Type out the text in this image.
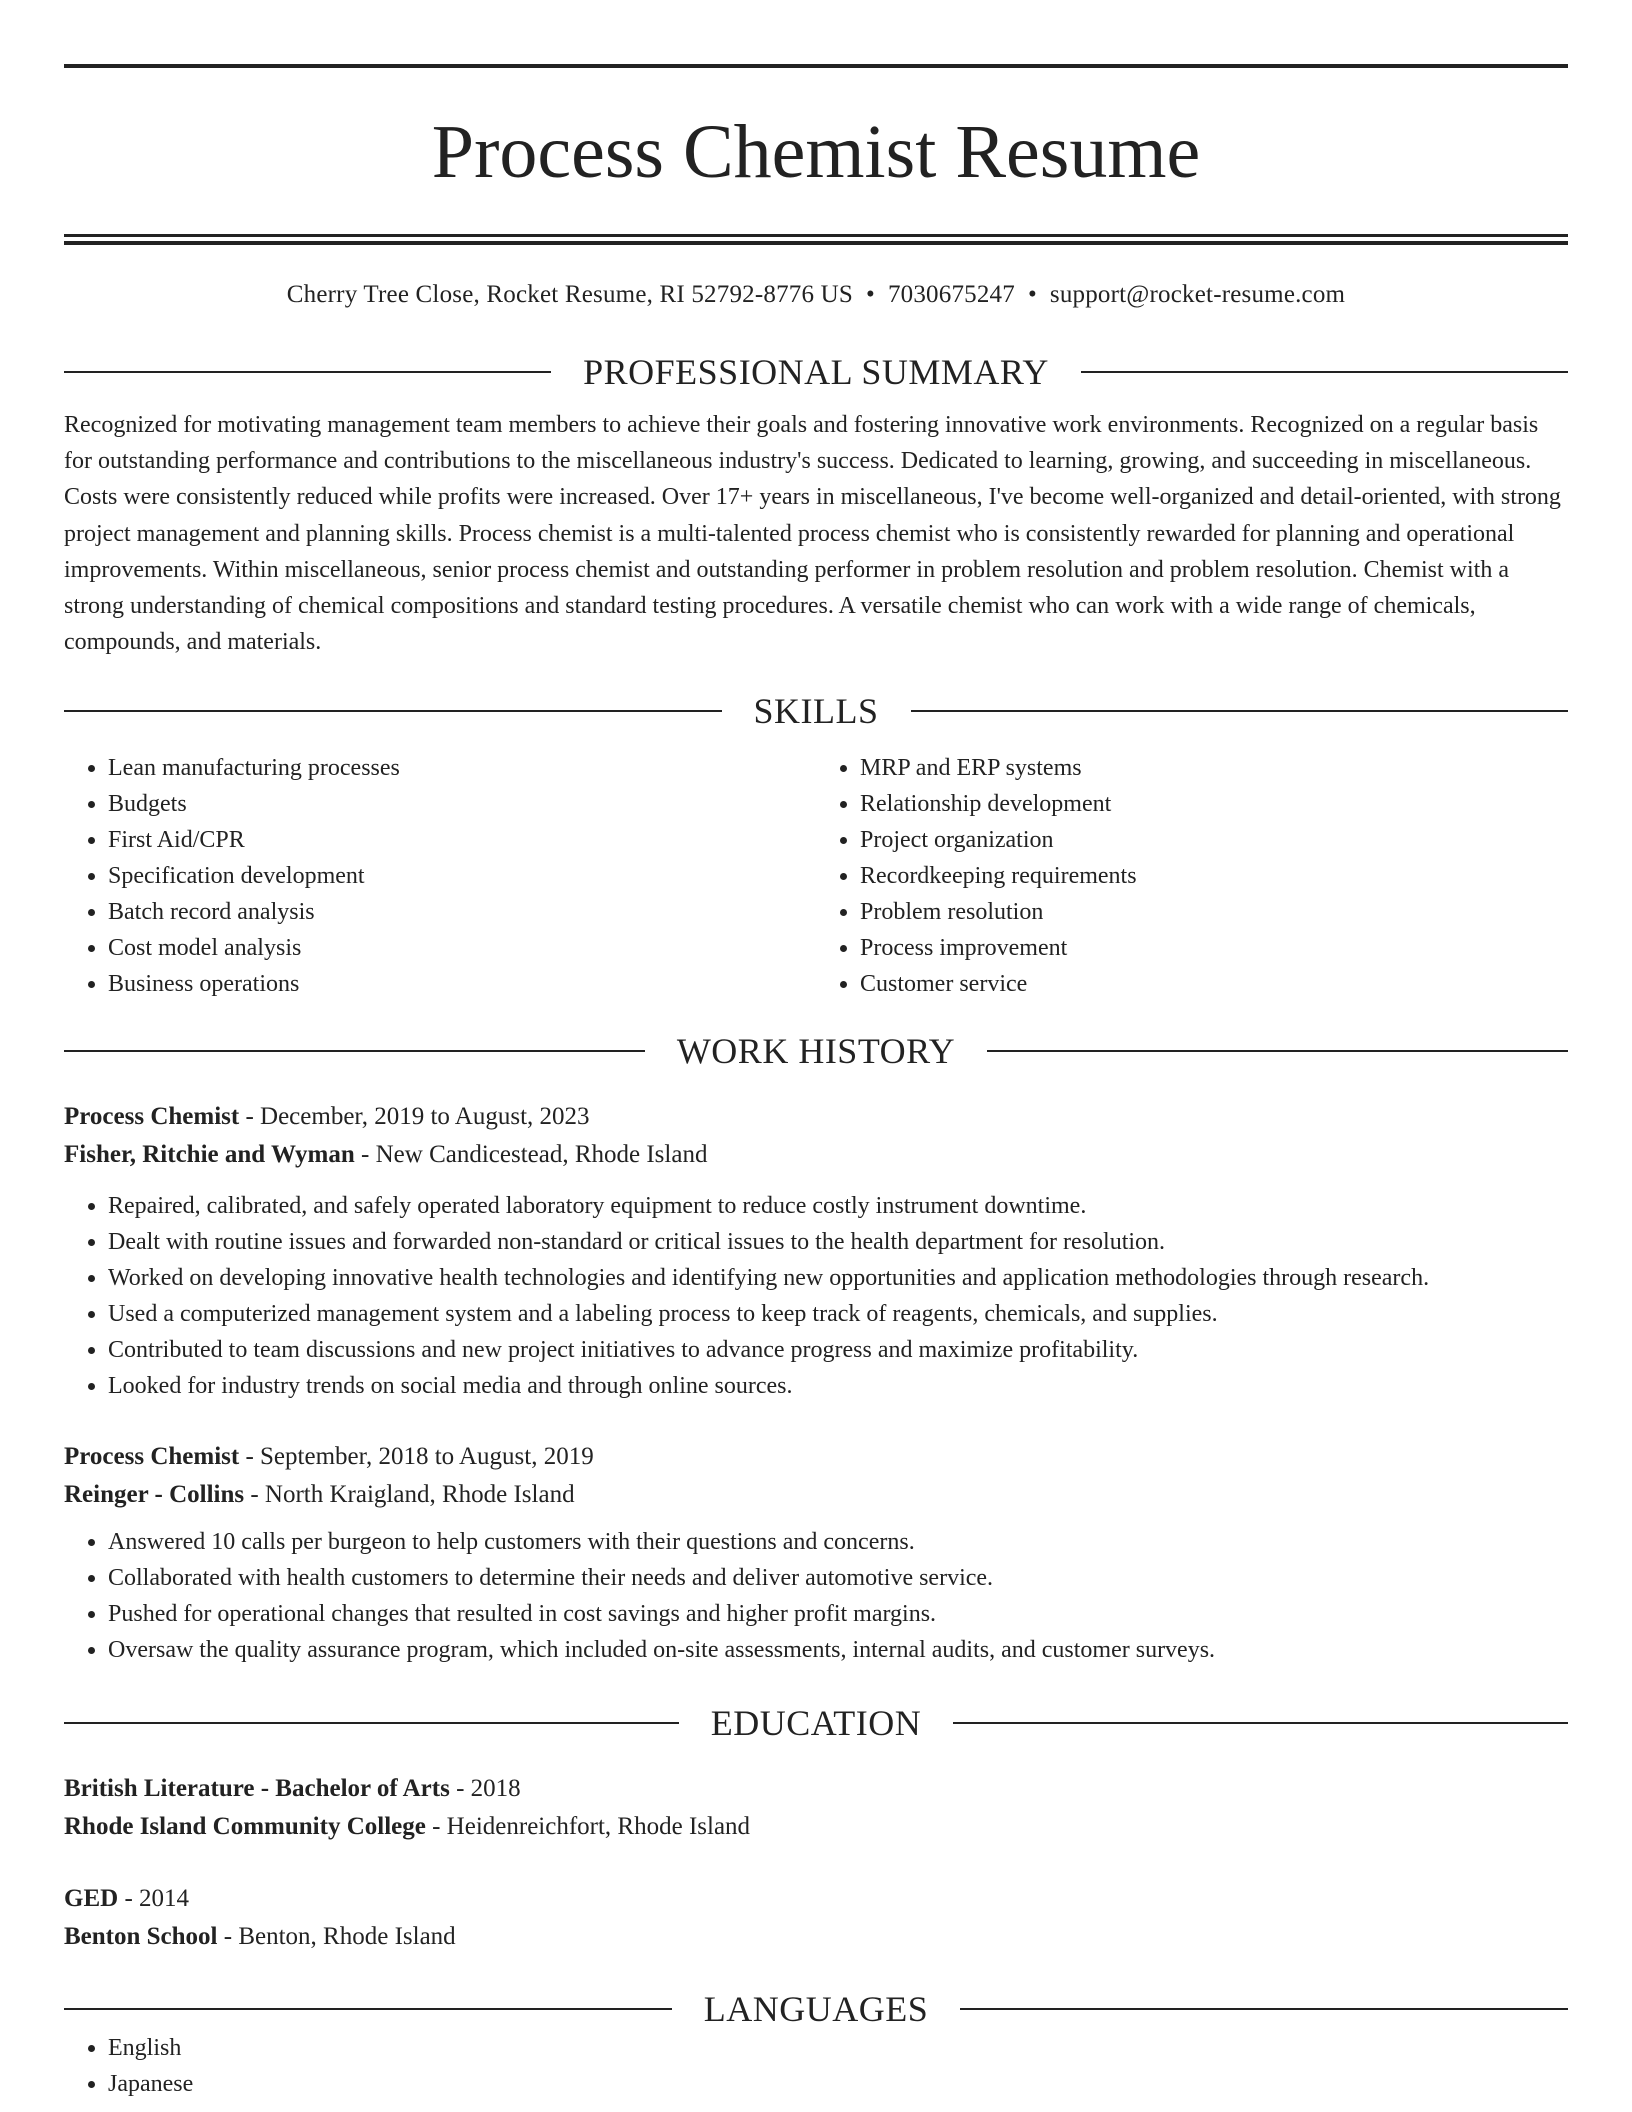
Process Chemist Resume
Cherry Tree Close, Rocket Resume, RI 52792-8776 US • 7030675247 • support@rocket-resume.com
PROFESSIONAL SUMMARY

Recognized for motivating management team members to achieve their goals and fostering innovative work environments. Recognized on a regular basis for outstanding performance and contributions to the miscellaneous industry's success. Dedicated to learning, growing, and succeeding in miscellaneous. Costs were consistently reduced while profits were increased. Over 17+ years in miscellaneous, I've become well-organized and detail-oriented, with strong project management and planning skills. Process chemist is a multi-talented process chemist who is consistently rewarded for planning and operational improvements. Within miscellaneous, senior process chemist and outstanding performer in problem resolution and problem resolution. Chemist with a strong understanding of chemical compositions and standard testing procedures. A versatile chemist who can work with a wide range of chemicals, compounds, and materials.

SKILLS
• Lean manufacturing processes
• Budgets
• First Aid/CPR
• Specification development
• Batch record analysis
• Cost model analysis
• Business operations
• MRP and ERP systems
• Relationship development
• Project organization
• Recordkeeping requirements
• Problem resolution
• Process improvement
• Customer service
WORK HISTORY
Process Chemist - December, 2019 to August, 2023
Fisher, Ritchie and Wyman - New Candicestead, Rhode Island
• Repaired, calibrated, and safely operated laboratory equipment to reduce costly instrument downtime.
• Dealt with routine issues and forwarded non-standard or critical issues to the health department for resolution.
• Worked on developing innovative health technologies and identifying new opportunities and application methodologies through research.
• Used a computerized management system and a labeling process to keep track of reagents, chemicals, and supplies.
• Contributed to team discussions and new project initiatives to advance progress and maximize profitability.
• Looked for industry trends on social media and through online sources.
Process Chemist - September, 2018 to August, 2019
Reinger - Collins - North Kraigland, Rhode Island
• Answered 10 calls per burgeon to help customers with their questions and concerns.
• Collaborated with health customers to determine their needs and deliver automotive service.
• Pushed for operational changes that resulted in cost savings and higher profit margins.
• Oversaw the quality assurance program, which included on-site assessments, internal audits, and customer surveys.
EDUCATION
British Literature - Bachelor of Arts - 2018
Rhode Island Community College - Heidenreichfort, Rhode Island
GED - 2014
Benton School - Benton, Rhode Island
LANGUAGES
• English
• Japanese
